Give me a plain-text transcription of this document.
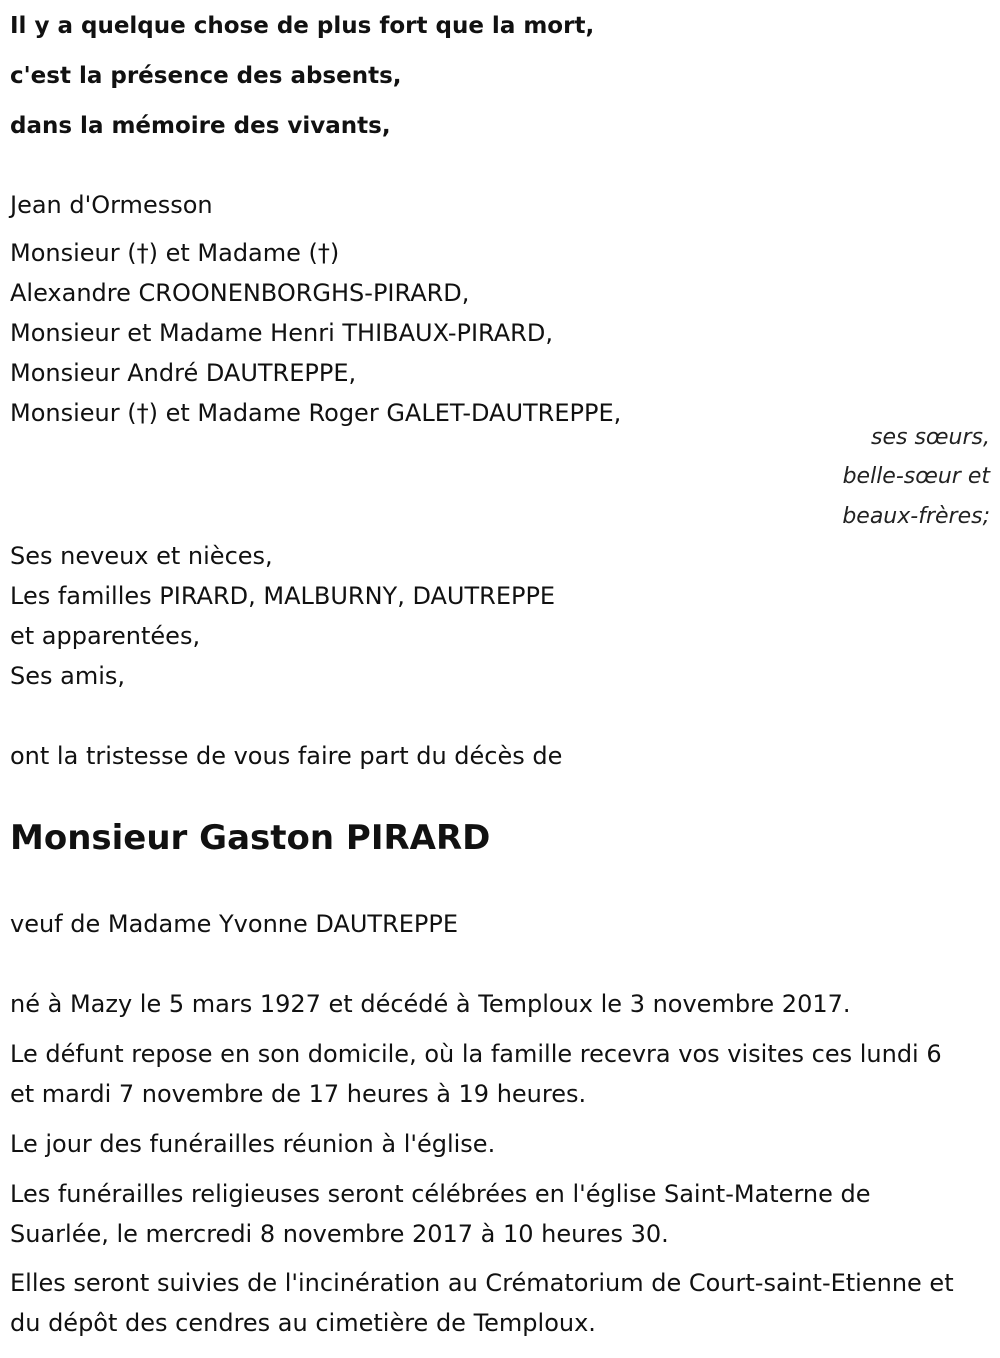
Il y a quelque chose de plus fort que la mort,
c'est la présence des absents,
dans la mémoire des vivants,
Jean d'Ormesson
Monsieur (†) et Madame (†)
Alexandre CROONENBORGHS-PIRARD,
Monsieur et Madame Henri THIBAUX-PIRARD,
Monsieur André DAUTREPPE,
Monsieur (†) et Madame Roger GALET-DAUTREPPE,
ses sœurs,
belle-sœur et
beaux-frères;
Ses neveux et nièces,
Les familles PIRARD, MALBURNY, DAUTREPPE
et apparentées,
Ses amis,
ont la tristesse de vous faire part du décès de
Monsieur Gaston PIRARD
veuf de Madame Yvonne DAUTREPPE
né à Mazy le 5 mars 1927 et décédé à Temploux le 3 novembre 2017.
Le défunt repose en son domicile, où la famille recevra vos visites ces lundi 6 et mardi 7 novembre de 17 heures à 19 heures.
Le jour des funérailles réunion à l'église.
Les funérailles religieuses seront célébrées en l'église Saint-Materne de Suarlée, le mercredi 8 novembre 2017 à 10 heures 30.
Elles seront suivies de l'incinération au Crématorium de Court-saint-Etienne et du dépôt des cendres au cimetière de Temploux.
